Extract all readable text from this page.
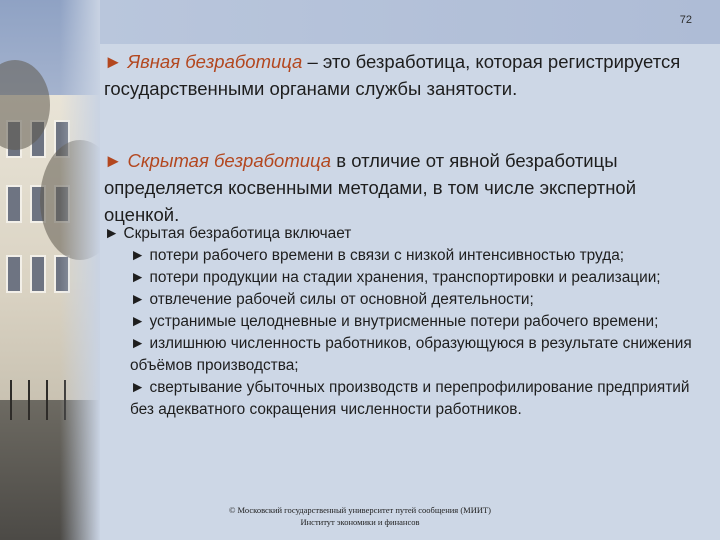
72

► Явная безработица – это безработица, которая регистрируется государственными органами службы занятости.

► Скрытая безработица в отличие от явной безработицы определяется косвенными методами, в том числе экспертной оценкой.

► Скрытая безработица включает
► потери рабочего времени в связи с низкой интенсивностью труда;
► потери продукции на стадии хранения, транспортировки и реализации;
► отвлечение рабочей силы от основной деятельности;
► устранимые целодневные и внутрисменные потери рабочего времени;
► излишнюю численность работников, образующуюся в результате снижения объёмов производства;
► свертывание убыточных производств и перепрофилирование предприятий без адекватного сокращения численности работников.
© Московский государственный университет путей сообщения (МИИТ)
Институт экономики и финансов
